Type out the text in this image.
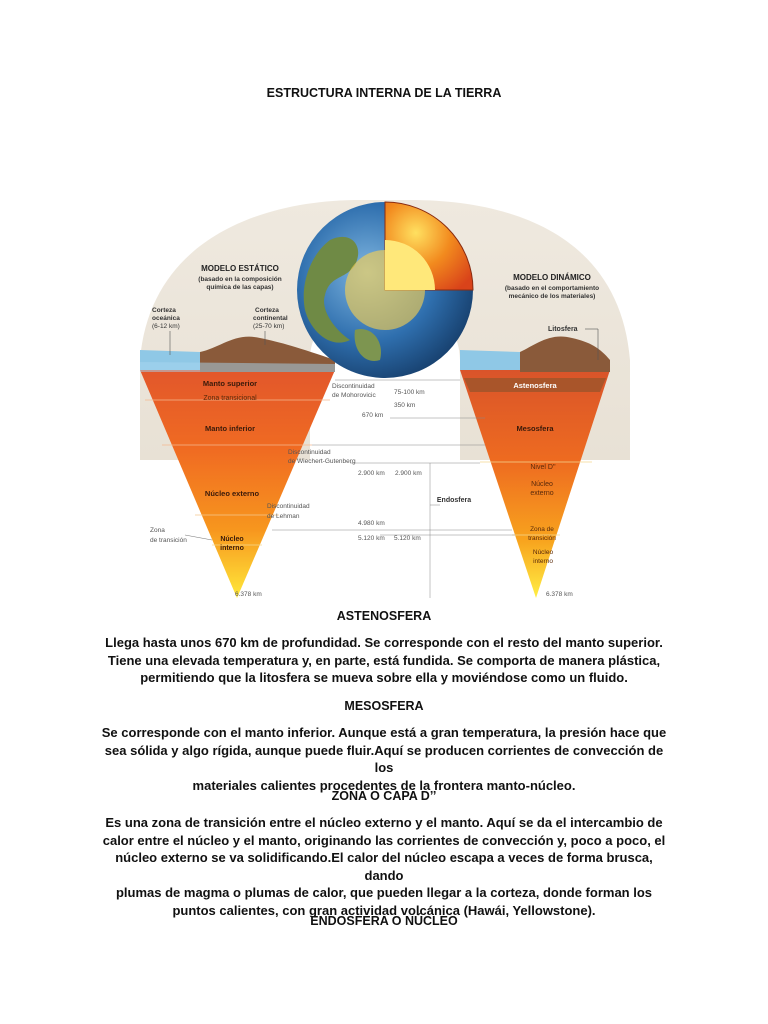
ESTRUCTURA INTERNA DE LA TIERRA
MODELO ESTÁTICO
(basado en la composición
química de las capas)
Corteza
oceánica
(6-12 km)
Corteza
continental
(25-70 km)
Manto superior
Zona transicional
Manto inferior
Núcleo externo
Núcleo
interno
Zona
de transición
Discontinuidad
de Mohorovicic	75-100 km
350 km
670 km
Discontinuidad
de Wiechert-Gutenberg
2.900 km 2.900 km
Discontinuidad
de Lehman
4.980 km
5.120 km 5.120 km
6.378 km	6.378 km
MODELO DINÁMICO
(basado en el comportamiento
mecánico de los materiales)
Litosfera
Astenosfera
Mesosfera
Nivel D''
Núcleo
externo
Endosfera
Zona de
transición
Núcleo
interno
ASTENOSFERA
Llega hasta unos 670 km de profundidad. Se corresponde con el resto del manto superior.
Tiene una elevada temperatura y, en parte, está fundida. Se comporta de manera plástica,
permitiendo que la litosfera se mueva sobre ella y moviéndose como un fluido.
MESOSFERA
Se corresponde con el manto inferior. Aunque está a gran temperatura, la presión hace que
sea sólida y algo rígida, aunque puede fluir.Aquí se producen corrientes de convección de los
materiales calientes procedentes de la frontera manto-núcleo.
ZONA O CAPA D’’
Es una zona de transición entre el núcleo externo y el manto. Aquí se da el intercambio de
calor entre el núcleo y el manto, originando las corrientes de convección y, poco a poco, el
núcleo externo se va solidificando.El calor del núcleo escapa a veces de forma brusca, dando
plumas de magma o plumas de calor, que pueden llegar a la corteza, donde forman los
puntos calientes, con gran actividad volcánica (Hawái, Yellowstone).
ENDOSFERA O NÚCLEO
